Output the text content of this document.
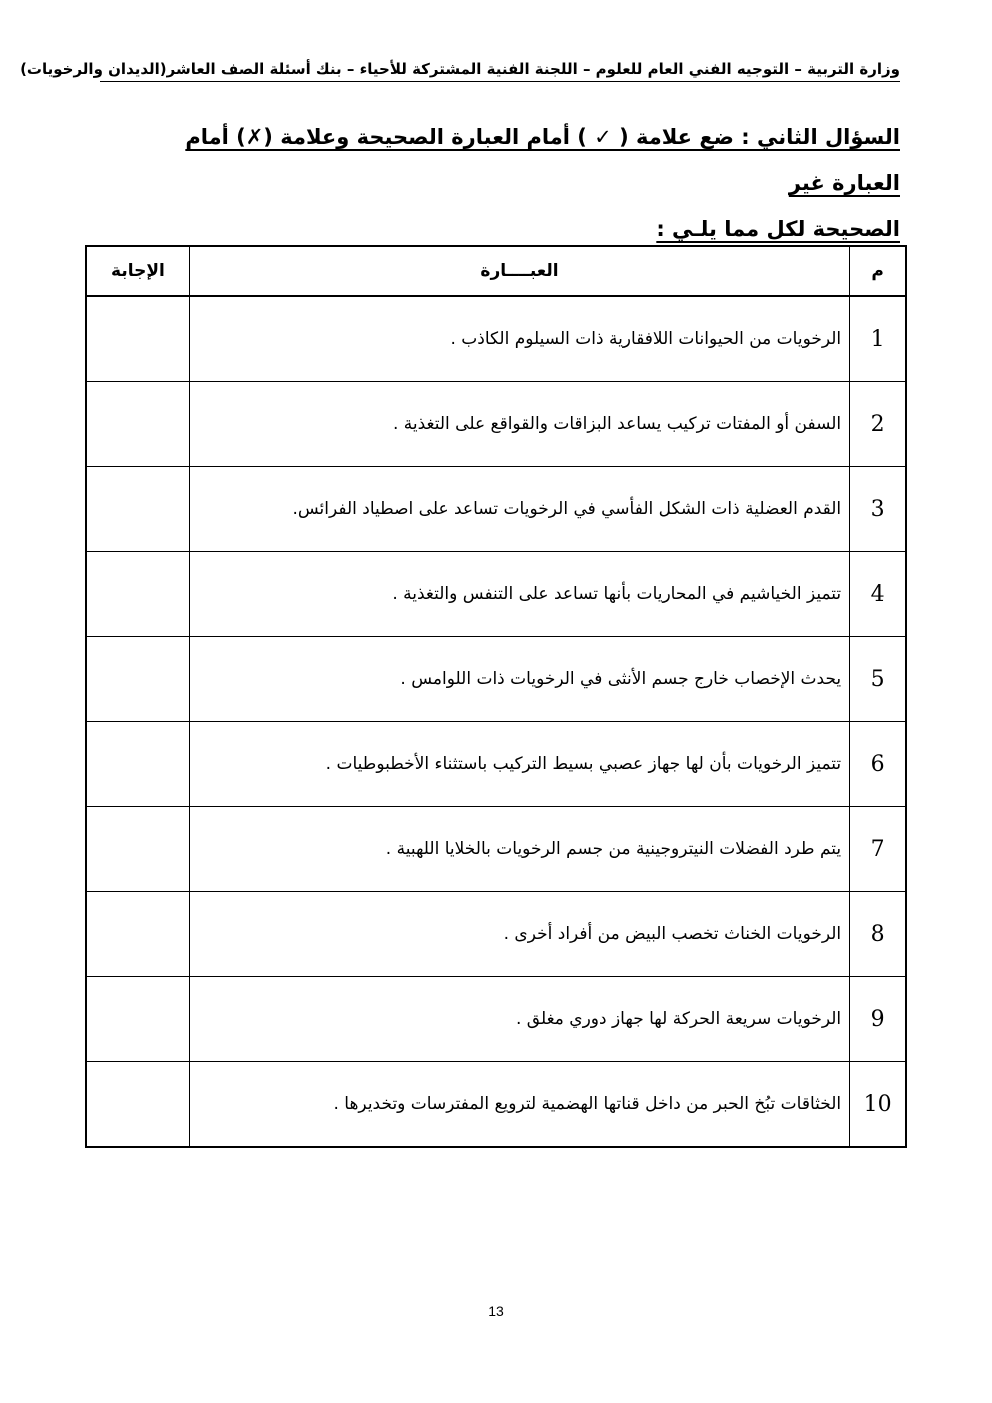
وزارة التربية – التوجيه الفني العام للعلوم – اللجنة الفنية المشتركة للأحياء – بنك أسئلة الصف العاشر(الديدان والرخويات)
السؤال الثاني : ضع علامة ( ✓ ) أمام العبارة الصحيحة وعلامة (✗) أمام العبارة غير
الصحيحة لكل مما يلـي :
م	العبــــارة	الإجابة
1	الرخويات من الحيوانات اللافقارية ذات السيلوم الكاذب .	
2	السفن أو المفتات تركيب يساعد البزاقات والقواقع على التغذية .	
3	القدم العضلية ذات الشكل الفأسي في الرخويات تساعد على اصطياد الفرائس.	
4	تتميز الخياشيم في المحاريات بأنها تساعد على التنفس والتغذية .	
5	يحدث الإخصاب خارج جسم الأنثى في الرخويات ذات اللوامس .	
6	تتميز الرخويات بأن لها جهاز عصبي بسيط التركيب باستثناء الأخطبوطيات .	
7	يتم طرد الفضلات النيتروجينية من جسم الرخويات بالخلايا اللهبية .	
8	الرخويات الخناث تخصب البيض من أفراد أخرى .	
9	الرخويات سريعة الحركة لها جهاز دوري مغلق .	
10	الخثاقات تبُخ الحبر من داخل قناتها الهضمية لترويع المفترسات وتخديرها .	
13
